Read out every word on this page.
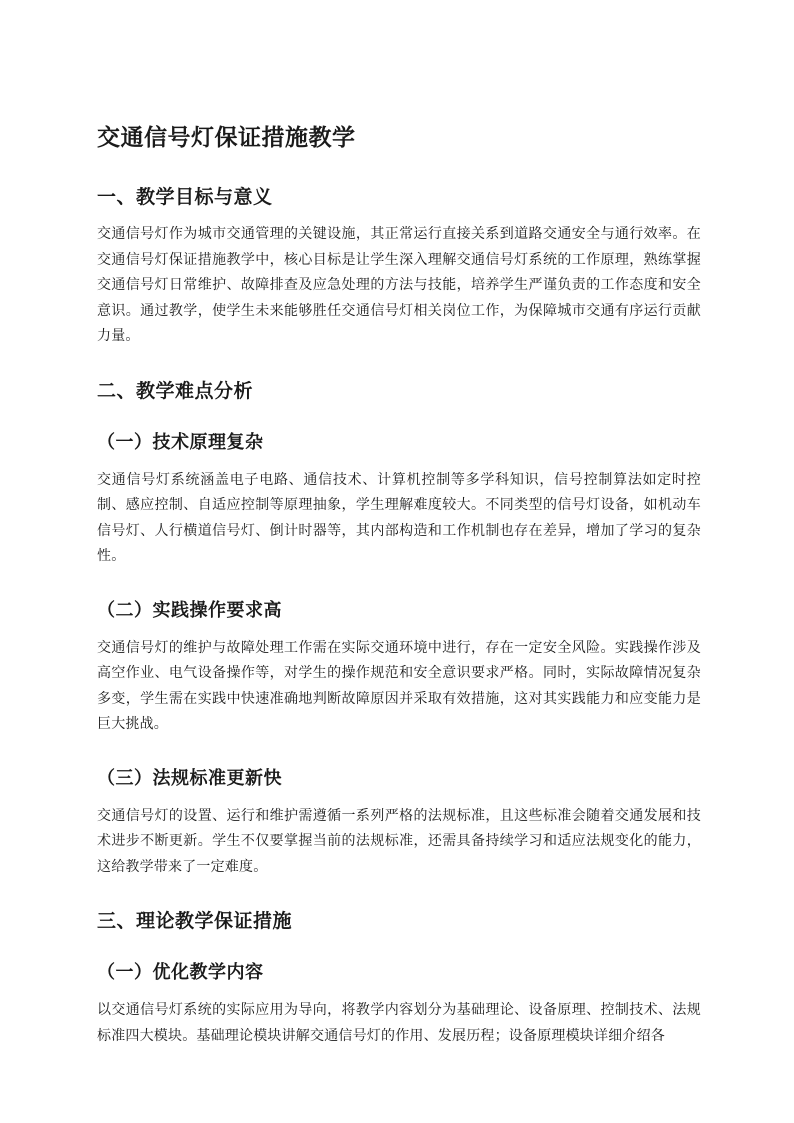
交通信号灯保证措施教学
一、教学目标与意义

交通信号灯作为城市交通管理的关键设施，其正常运行直接关系到道路交通安全与通行效率。在交通信号灯保证措施教学中，核心目标是让学生深入理解交通信号灯系统的工作原理，熟练掌握交通信号灯日常维护、故障排查及应急处理的方法与技能，培养学生严谨负责的工作态度和安全意识。通过教学，使学生未来能够胜任交通信号灯相关岗位工作，为保障城市交通有序运行贡献力量。

二、教学难点分析
（一）技术原理复杂

交通信号灯系统涵盖电子电路、通信技术、计算机控制等多学科知识，信号控制算法如定时控制、感应控制、自适应控制等原理抽象，学生理解难度较大。不同类型的信号灯设备，如机动车信号灯、人行横道信号灯、倒计时器等，其内部构造和工作机制也存在差异，增加了学习的复杂性。

（二）实践操作要求高

交通信号灯的维护与故障处理工作需在实际交通环境中进行，存在一定安全风险。实践操作涉及高空作业、电气设备操作等，对学生的操作规范和安全意识要求严格。同时，实际故障情况复杂多变，学生需在实践中快速准确地判断故障原因并采取有效措施，这对其实践能力和应变能力是巨大挑战。

（三）法规标准更新快

交通信号灯的设置、运行和维护需遵循一系列严格的法规标准，且这些标准会随着交通发展和技术进步不断更新。学生不仅要掌握当前的法规标准，还需具备持续学习和适应法规变化的能力，这给教学带来了一定难度。

三、理论教学保证措施
（一）优化教学内容

以交通信号灯系统的实际应用为导向，将教学内容划分为基础理论、设备原理、控制技术、法规标准四大模块。基础理论模块讲解交通信号灯的作用、发展历程；设备原理模块详细介绍各
